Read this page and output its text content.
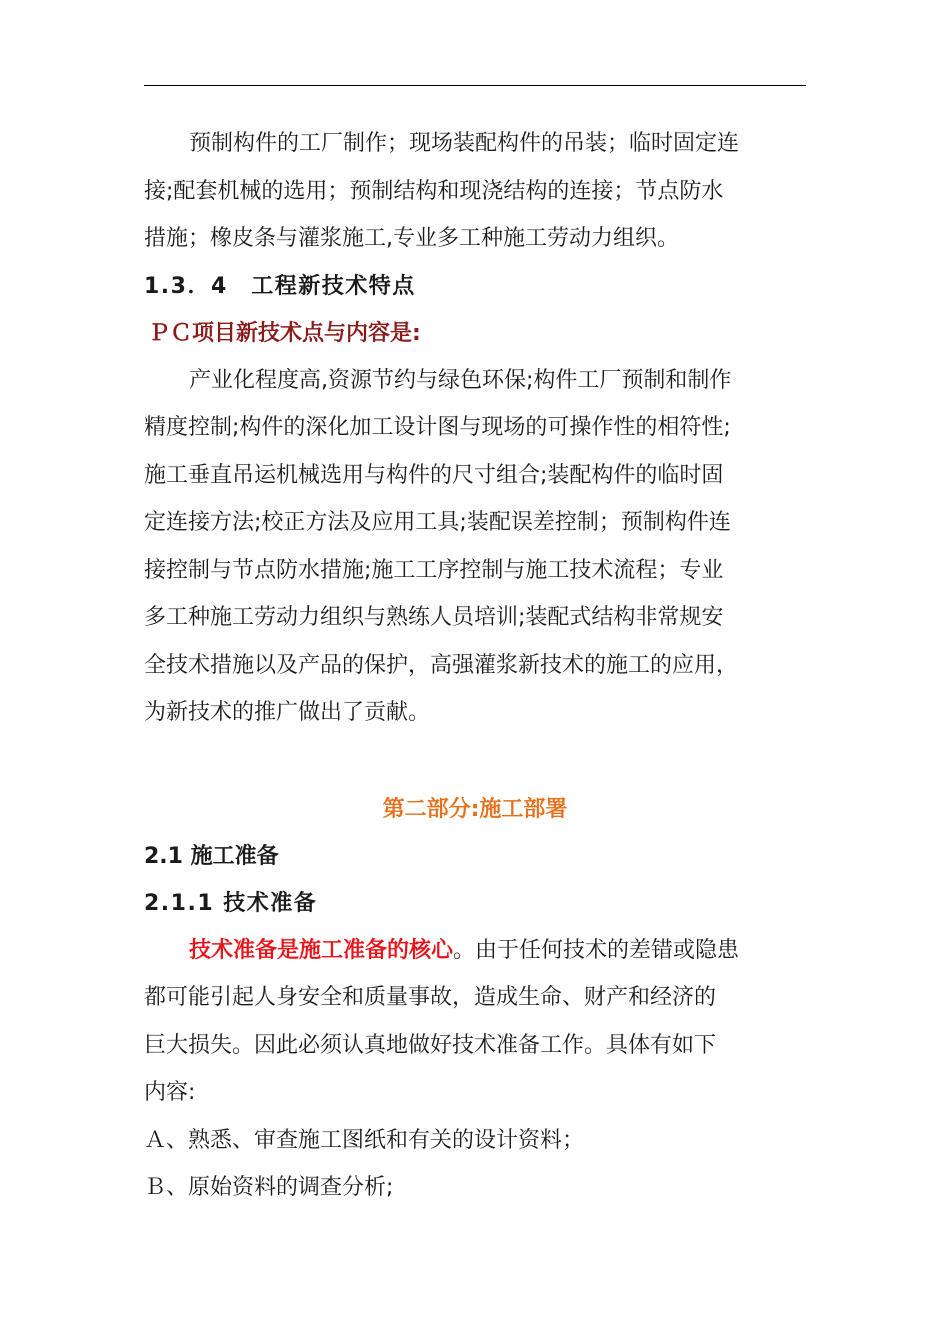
预制构件的工厂制作；现场装配构件的吊装；临时固定连
接;配套机械的选用；预制结构和现浇结构的连接；节点防水
措施；橡皮条与灌浆施工,专业多工种施工劳动力组织。

1.3．4　工程新技术特点

ＰＣ项目新技术点与内容是:

产业化程度高,资源节约与绿色环保;构件工厂预制和制作
精度控制;构件的深化加工设计图与现场的可操作性的相符性;
施工垂直吊运机械选用与构件的尺寸组合;装配构件的临时固
定连接方法;校正方法及应用工具;装配误差控制；预制构件连
接控制与节点防水措施;施工工序控制与施工技术流程；专业
多工种施工劳动力组织与熟练人员培训;装配式结构非常规安
全技术措施以及产品的保护，高强灌浆新技术的施工的应用，
为新技术的推广做出了贡献。

第二部分:施工部署
2.1 施工准备
2.1.1 技术准备

技术准备是施工准备的核心。由于任何技术的差错或隐患
都可能引起人身安全和质量事故，造成生命、财产和经济的
巨大损失。因此必须认真地做好技术准备工作。具体有如下
内容:

Ａ、熟悉、审查施工图纸和有关的设计资料；

Ｂ、原始资料的调查分析;
